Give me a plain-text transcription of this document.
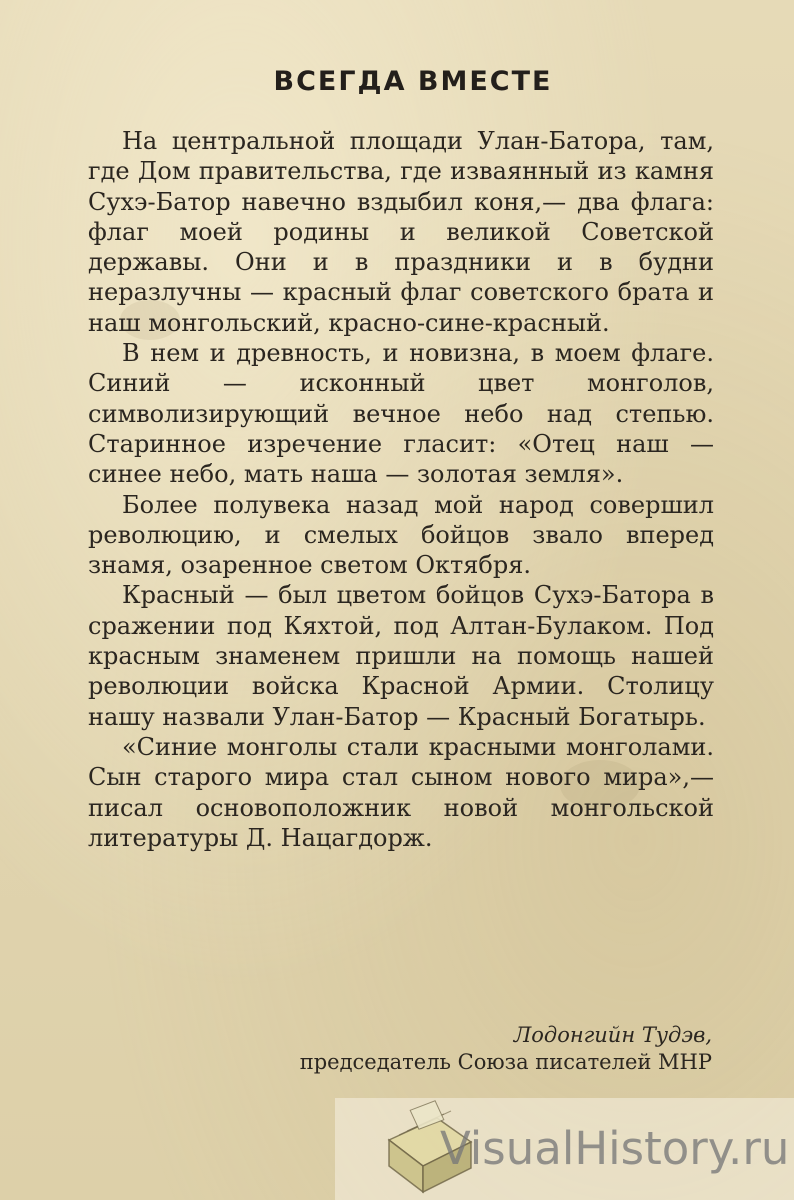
ВСЕГДА ВМЕСТЕ

На центральной площади Улан-Батора, там, где Дом правительства, где изваянный из камня Сухэ-Батор навечно вздыбил коня,— два флага: флаг моей родины и великой Советской державы. Они и в праздники и в будни неразлучны — красный флаг советского брата и наш монгольский, красно-сине-красный.

В нем и древность, и новизна, в моем флаге. Синий — исконный цвет монголов, символизирующий вечное небо над степью. Старинное изречение гласит: «Отец наш — синее небо, мать наша — золотая земля».

Более полувека назад мой народ совершил революцию, и смелых бойцов звало вперед знамя, озаренное светом Октября.

Красный — был цветом бойцов Сухэ-Батора в сражении под Кяхтой, под Алтан-Булаком. Под красным знаменем пришли на помощь нашей революции войска Красной Армии. Столицу нашу назвали Улан-Батор — Красный Богатырь.

«Синие монголы стали красными монголами. Сын старого мира стал сыном нового мира»,— писал основоположник новой монгольской литературы Д. Нацагдорж.

Лодонгийн Тудэв,
председатель Союза писателей МНР
VisualHistory.ru
